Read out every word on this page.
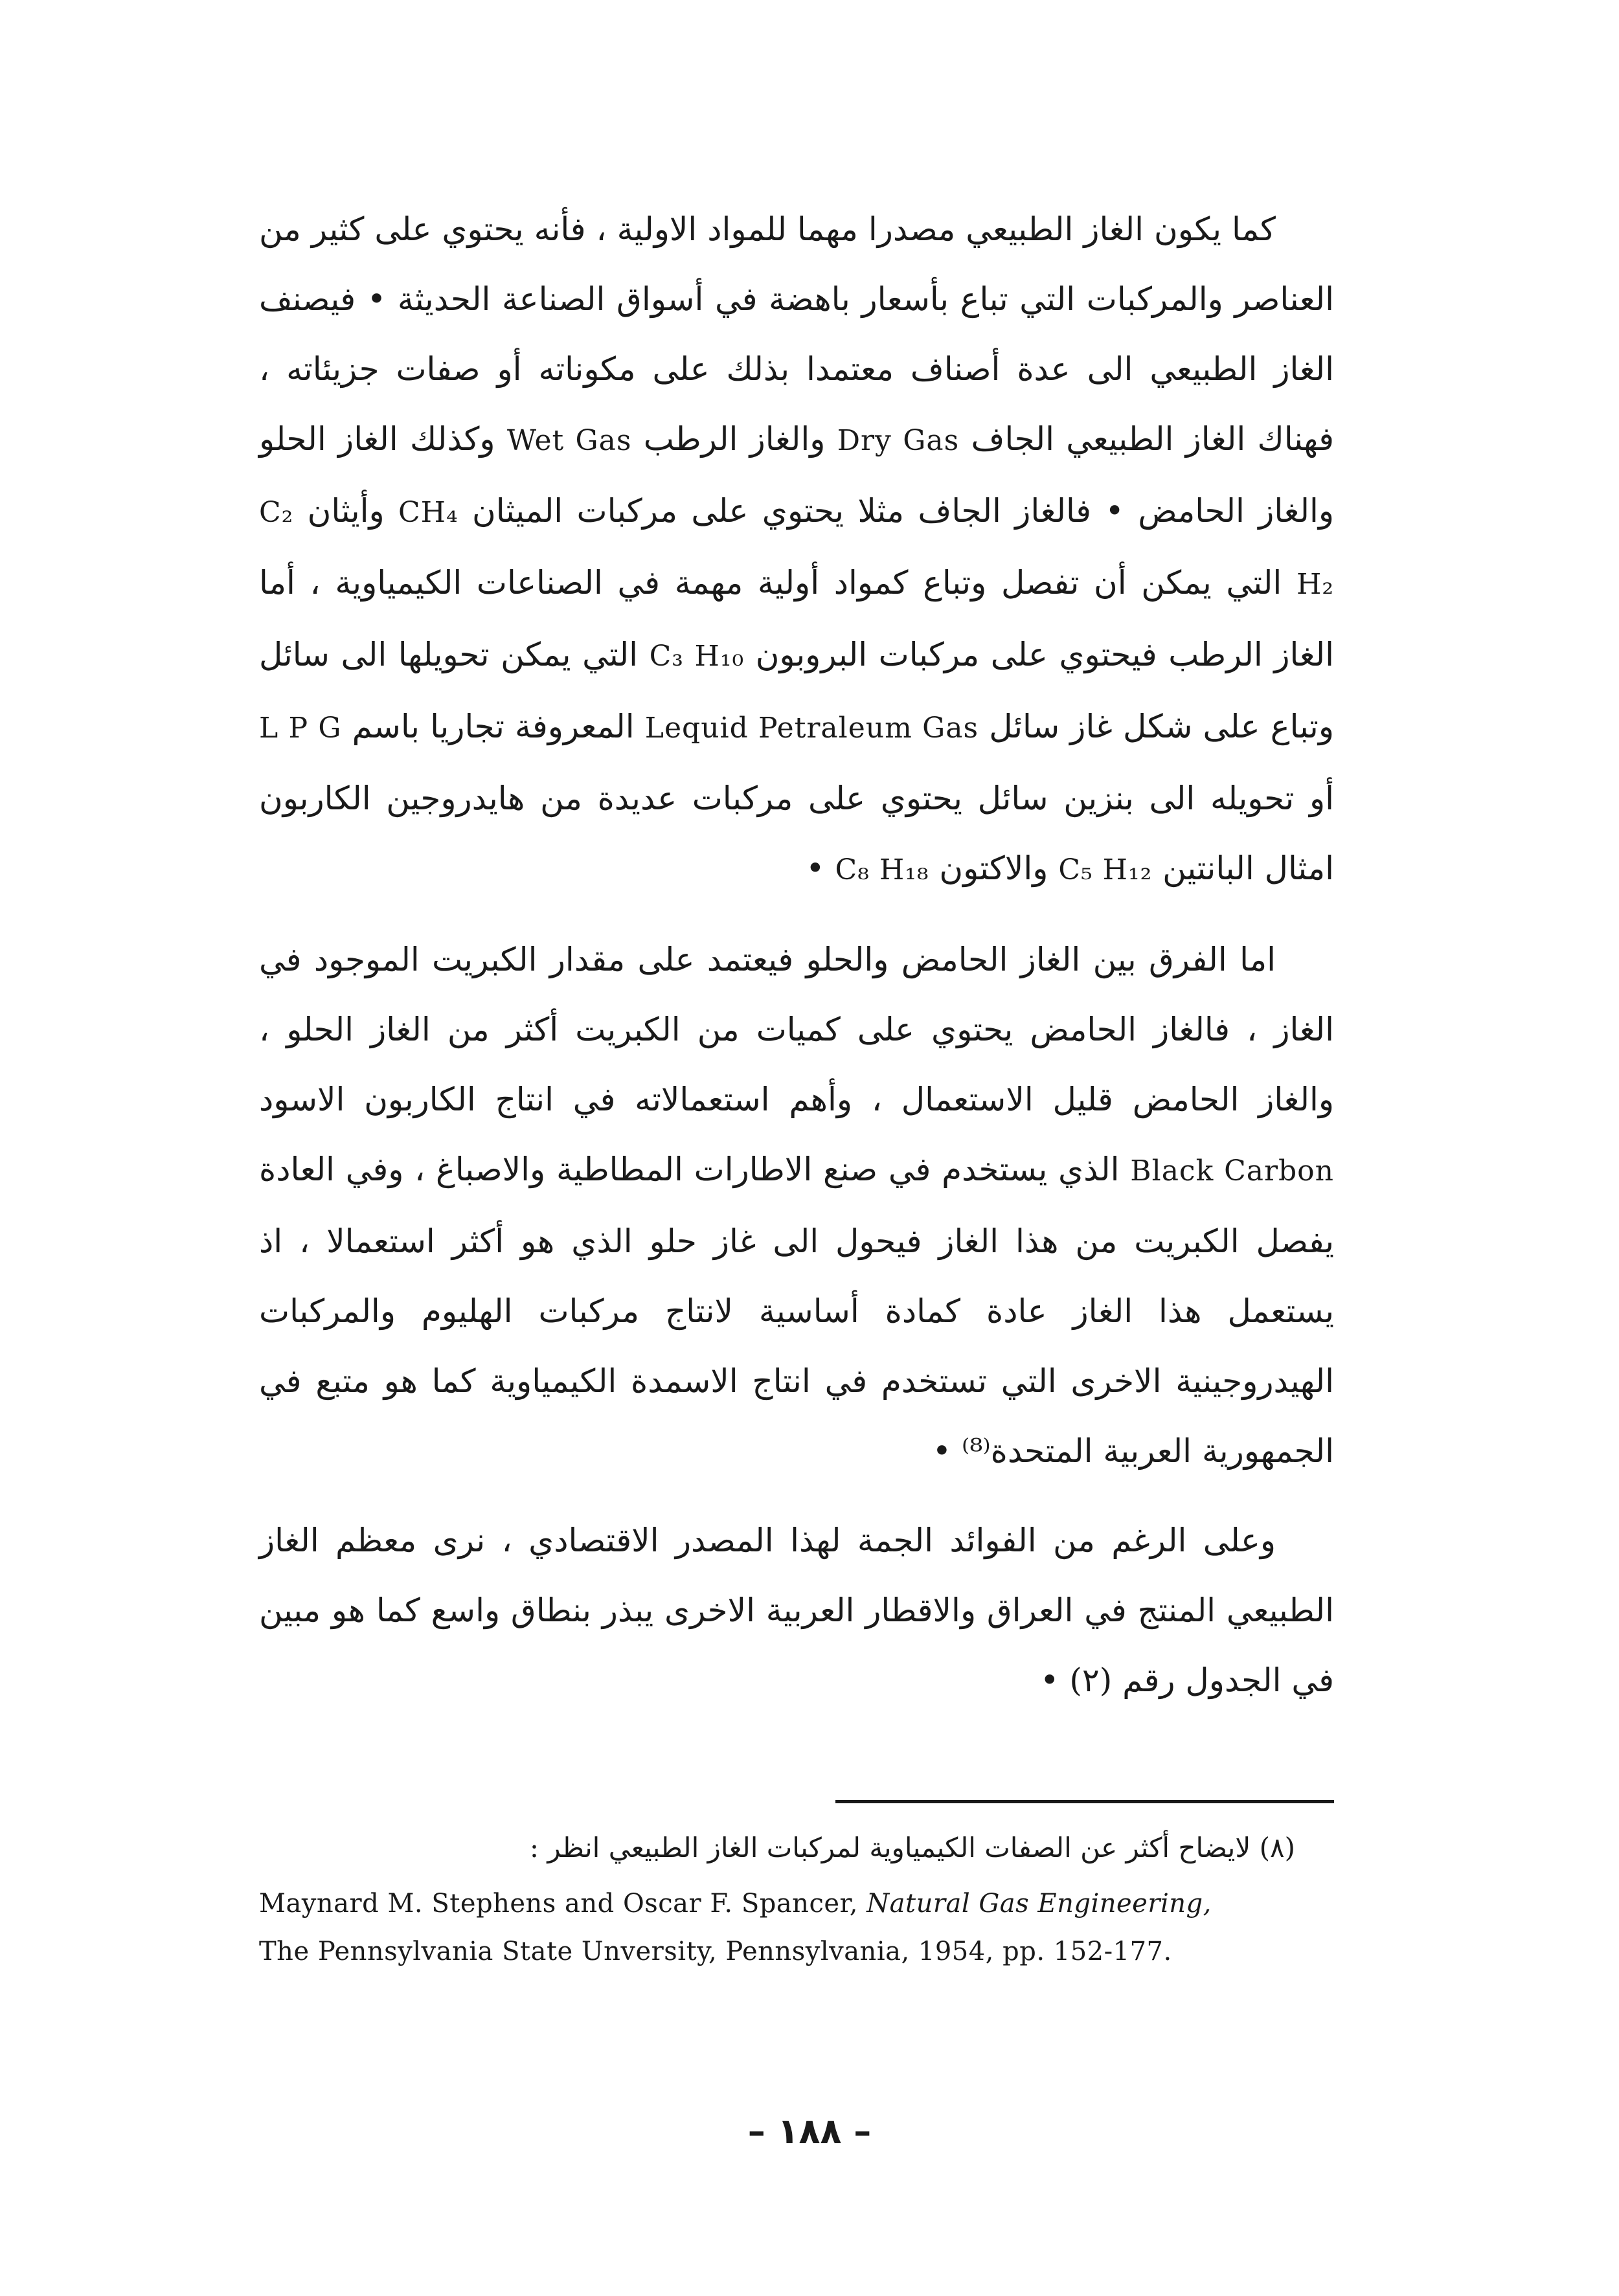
كما يكون الغاز الطبيعي مصدرا مهما للمواد الاولية ، فأنه يحتوي على كثير من العناصر والمركبات التي تباع بأسعار باهضة في أسواق الصناعة الحديثة • فيصنف الغاز الطبيعي الى عدة أصناف معتمدا بذلك على مكوناته أو صفات جزيئاته ، فهناك الغاز الطبيعي الجاف Dry Gas والغاز الرطب Wet Gas وكذلك الغاز الحلو والغاز الحامض • فالغاز الجاف مثلا يحتوي على مركبات الميثان CH₄ وأيثان C₂ H₂ التي يمكن أن تفصل وتباع كمواد أولية مهمة في الصناعات الكيمياوية ، أما الغاز الرطب فيحتوي على مركبات البروبون C₃ H₁₀ التي يمكن تحويلها الى سائل وتباع على شكل غاز سائل Lequid Petraleum Gas المعروفة تجاريا باسم L P G أو تحويله الى بنزين سائل يحتوي على مركبات عديدة من هايدروجين الكاربون امثال البانتين C₅ H₁₂ والاكتون C₈ H₁₈ •

اما الفرق بين الغاز الحامض والحلو فيعتمد على مقدار الكبريت الموجود في الغاز ، فالغاز الحامض يحتوي على كميات من الكبريت أكثر من الغاز الحلو ، والغاز الحامض قليل الاستعمال ، وأهم استعمالاته في انتاج الكاربون الاسود Black Carbon الذي يستخدم في صنع الاطارات المطاطية والاصباغ ، وفي العادة يفصل الكبريت من هذا الغاز فيحول الى غاز حلو الذي هو أكثر استعمالا ، اذ يستعمل هذا الغاز عادة كمادة أساسية لانتاج مركبات الهليوم والمركبات الهيدروجينية الاخرى التي تستخدم في انتاج الاسمدة الكيمياوية كما هو متبع في الجمهورية العربية المتحدة⁽⁸⁾ •

وعلى الرغم من الفوائد الجمة لهذا المصدر الاقتصادي ، نرى معظم الغاز الطبيعي المنتج في العراق والاقطار العربية الاخرى يبذر بنطاق واسع كما هو مبين في الجدول رقم (٢) •

(٨) لايضاح أكثر عن الصفات الكيمياوية لمركبات الغاز الطبيعي انظر :
Maynard M. Stephens and Oscar F. Spancer, Natural Gas Engineering,
The Pennsylvania State Unversity, Pennsylvania, 1954, pp. 152-177.
– ١٨٨ –
